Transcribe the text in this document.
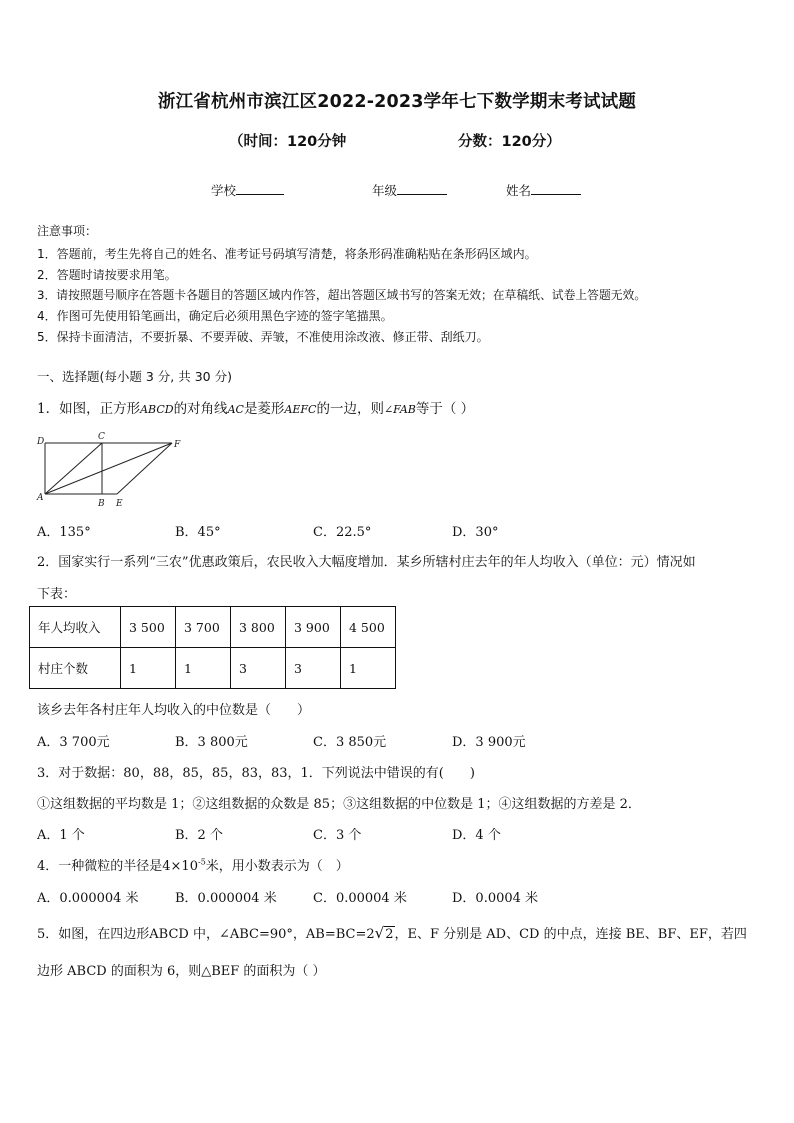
浙江省杭州市滨江区2022-2023学年七下数学期末考试试题
（时间：120分钟	分数：120分）
学校	年级	姓名
注意事项：
1．答题前，考生先将自己的姓名、准考证号码填写清楚，将条形码准确粘贴在条形码区域内。
2．答题时请按要求用笔。
3．请按照题号顺序在答题卡各题目的答题区域内作答，超出答题区域书写的答案无效；在草稿纸、试卷上答题无效。
4．作图可先使用铅笔画出，确定后必须用黑色字迹的签字笔描黑。
5．保持卡面清洁，不要折暴、不要弄破、弄皱，不准使用涂改液、修正带、刮纸刀。
一、选择题(每小题 3 分, 共 30 分)
1．如图，正方形ABCD的对角线AC是菱形AEFC的一边，则∠FAB等于（ ）
D	C
F
A
B E
A．135°	B．45°	C．22.5°	D．30°
2．国家实行一系列“三农”优惠政策后，农民收入大幅度增加．某乡所辖村庄去年的年人均收入（单位：元）情况如
下表：
年人均收入	3 500	3 700	3 800	3 900	4 500
村庄个数	1	1	3	3	1
该乡去年各村庄年人均收入的中位数是（　　）
A．3 700元	B．3 800元	C．3 850元	D．3 900元
3．对于数据：80，88，85，85，83，83，1．下列说法中错误的有(　　)
①这组数据的平均数是 1；②这组数据的众数是 85；③这组数据的中位数是 1；④这组数据的方差是 2．
A．1 个	B．2 个	C．3 个	D．4 个
4．一种微粒的半径是$4\times 10^{-5}$米，用小数表示为（　）
A．0.000004 米	B．0.000004 米	C．0.00004 米	D．0.0004 米
5．如图，在四边形ABCD 中，∠ABC=90°，AB=BC=2√2，E、F 分别是 AD、CD 的中点，连接 BE、BF、EF，若四
边形 ABCD 的面积为 6，则△BEF 的面积为（ ）
